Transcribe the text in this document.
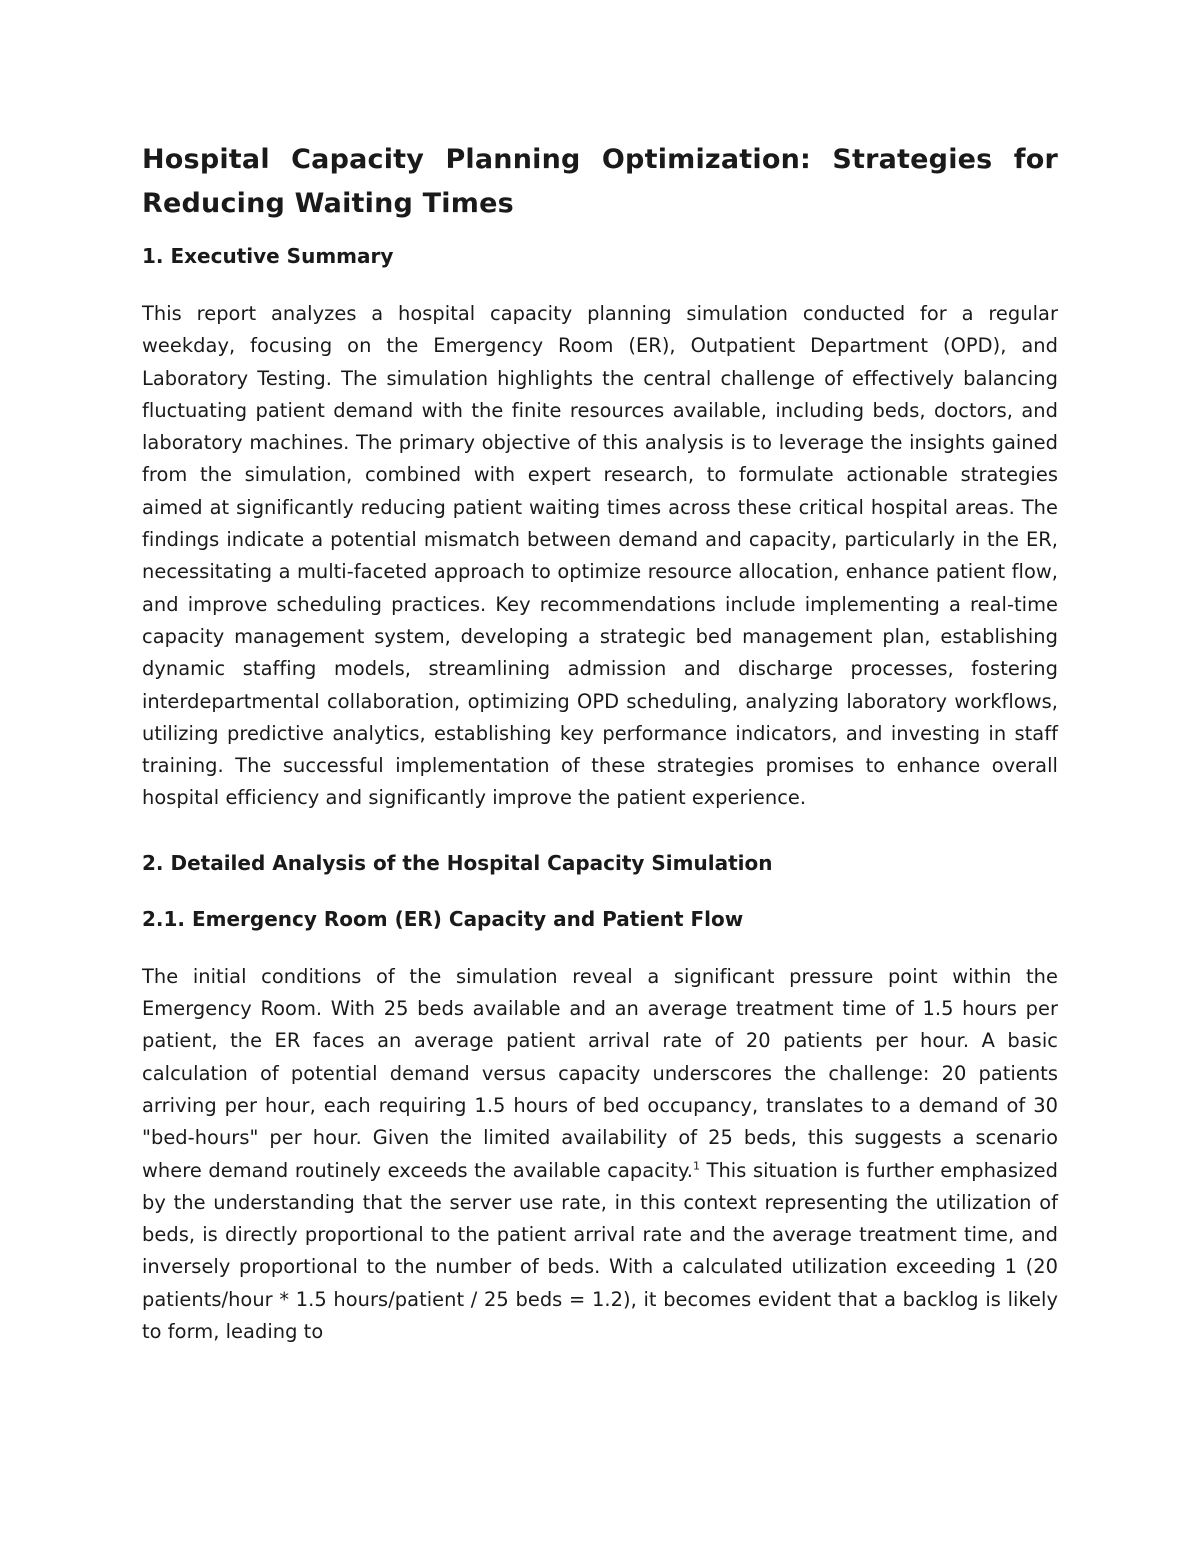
Hospital Capacity Planning Optimization: Strategies for Reducing Waiting Times
1. Executive Summary

This report analyzes a hospital capacity planning simulation conducted for a regular weekday, focusing on the Emergency Room (ER), Outpatient Department (OPD), and Laboratory Testing. The simulation highlights the central challenge of effectively balancing fluctuating patient demand with the finite resources available, including beds, doctors, and laboratory machines. The primary objective of this analysis is to leverage the insights gained from the simulation, combined with expert research, to formulate actionable strategies aimed at significantly reducing patient waiting times across these critical hospital areas. The findings indicate a potential mismatch between demand and capacity, particularly in the ER, necessitating a multi-faceted approach to optimize resource allocation, enhance patient flow, and improve scheduling practices. Key recommendations include implementing a real-time capacity management system, developing a strategic bed management plan, establishing dynamic staffing models, streamlining admission and discharge processes, fostering interdepartmental collaboration, optimizing OPD scheduling, analyzing laboratory workflows, utilizing predictive analytics, establishing key performance indicators, and investing in staff training. The successful implementation of these strategies promises to enhance overall hospital efficiency and significantly improve the patient experience.

2. Detailed Analysis of the Hospital Capacity Simulation
2.1. Emergency Room (ER) Capacity and Patient Flow

The initial conditions of the simulation reveal a significant pressure point within the Emergency Room. With 25 beds available and an average treatment time of 1.5 hours per patient, the ER faces an average patient arrival rate of 20 patients per hour. A basic calculation of potential demand versus capacity underscores the challenge: 20 patients arriving per hour, each requiring 1.5 hours of bed occupancy, translates to a demand of 30 "bed-hours" per hour. Given the limited availability of 25 beds, this suggests a scenario where demand routinely exceeds the available capacity.$^1$ This situation is further emphasized by the understanding that the server use rate, in this context representing the utilization of beds, is directly proportional to the patient arrival rate and the average treatment time, and inversely proportional to the number of beds. With a calculated utilization exceeding 1 (20 patients/hour * 1.5 hours/patient / 25 beds = 1.2), it becomes evident that a backlog is likely to form, leading to
